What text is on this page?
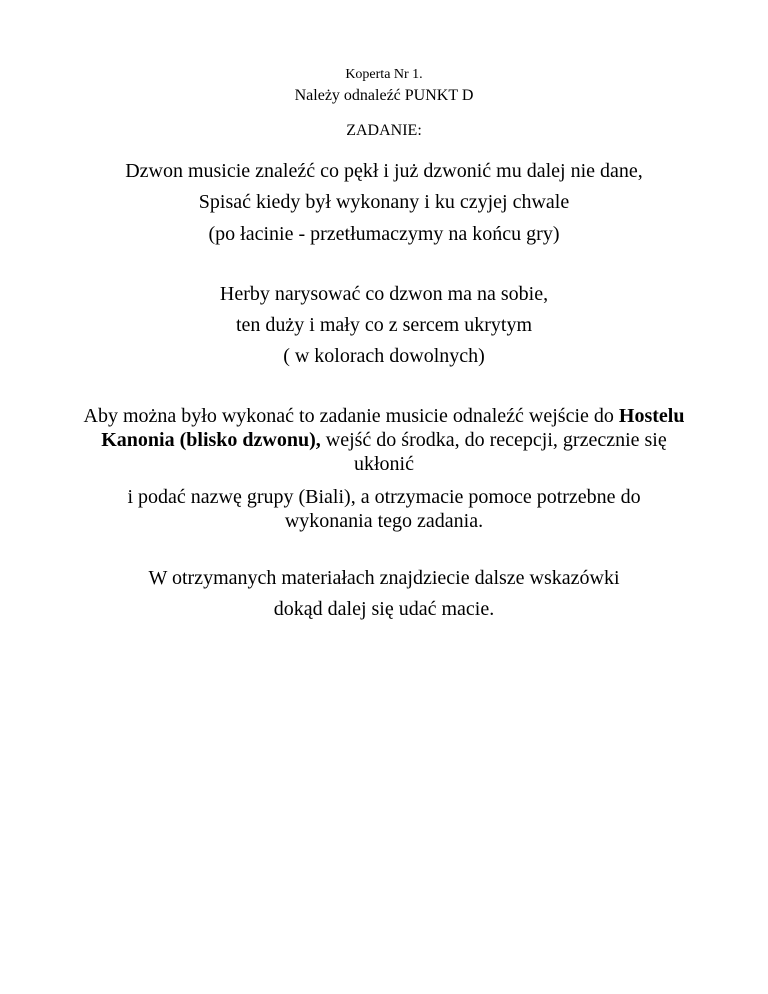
Koperta Nr 1.
Należy odnaleźć PUNKT D
ZADANIE:
Dzwon musicie znaleźć co pękł i już dzwonić mu dalej nie dane,
Spisać kiedy był wykonany i ku czyjej chwale
(po łacinie - przetłumaczymy na końcu gry)
Herby narysować co dzwon ma na sobie,
ten duży i mały co z sercem ukrytym
( w kolorach dowolnych)
Aby można było wykonać to zadanie musicie odnaleźć wejście do Hostelu
Kanonia (blisko dzwonu), wejść do środka, do recepcji, grzecznie się
ukłonić
i podać nazwę grupy (Biali), a otrzymacie pomoce potrzebne do
wykonania tego zadania.
W otrzymanych materiałach znajdziecie dalsze wskazówki
dokąd dalej się udać macie.
